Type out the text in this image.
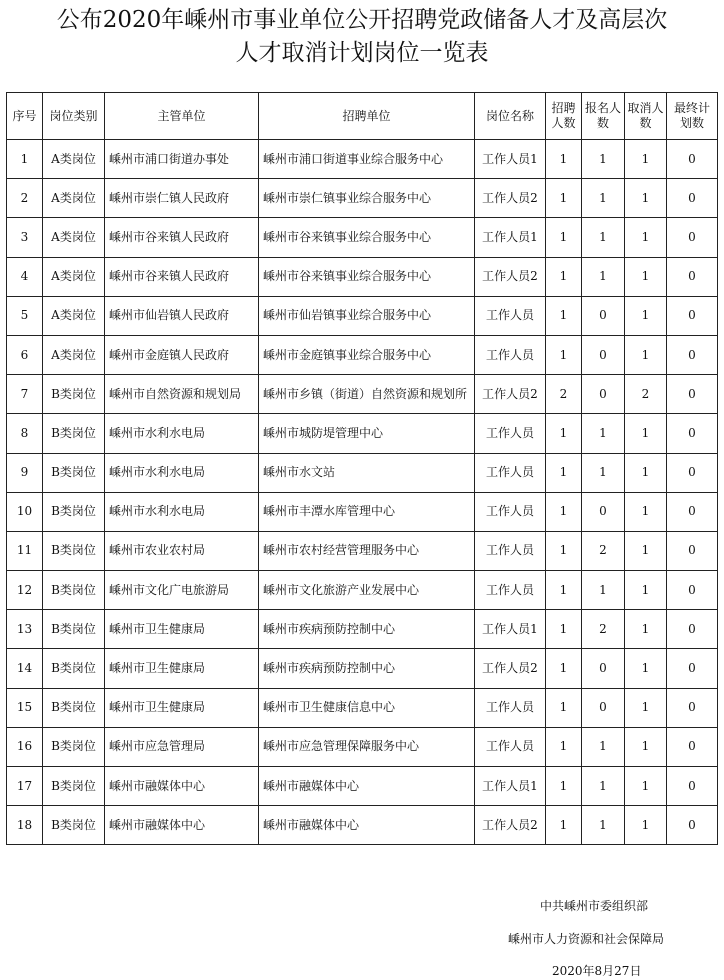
公布2020年嵊州市事业单位公开招聘党政储备人才及高层次
人才取消计划岗位一览表
序号	岗位类别	主管单位	招聘单位	岗位名称	招聘人数	报名人数	取消人数	最终计划数
1	A类岗位	嵊州市浦口街道办事处	嵊州市浦口街道事业综合服务中心	工作人员1	1	1	1	0
2	A类岗位	嵊州市崇仁镇人民政府	嵊州市崇仁镇事业综合服务中心	工作人员2	1	1	1	0
3	A类岗位	嵊州市谷来镇人民政府	嵊州市谷来镇事业综合服务中心	工作人员1	1	1	1	0
4	A类岗位	嵊州市谷来镇人民政府	嵊州市谷来镇事业综合服务中心	工作人员2	1	1	1	0
5	A类岗位	嵊州市仙岩镇人民政府	嵊州市仙岩镇事业综合服务中心	工作人员	1	0	1	0
6	A类岗位	嵊州市金庭镇人民政府	嵊州市金庭镇事业综合服务中心	工作人员	1	0	1	0
7	B类岗位	嵊州市自然资源和规划局	嵊州市乡镇（街道）自然资源和规划所	工作人员2	2	0	2	0
8	B类岗位	嵊州市水利水电局	嵊州市城防堤管理中心	工作人员	1	1	1	0
9	B类岗位	嵊州市水利水电局	嵊州市水文站	工作人员	1	1	1	0
10	B类岗位	嵊州市水利水电局	嵊州市丰潭水库管理中心	工作人员	1	0	1	0
11	B类岗位	嵊州市农业农村局	嵊州市农村经营管理服务中心	工作人员	1	2	1	0
12	B类岗位	嵊州市文化广电旅游局	嵊州市文化旅游产业发展中心	工作人员	1	1	1	0
13	B类岗位	嵊州市卫生健康局	嵊州市疾病预防控制中心	工作人员1	1	2	1	0
14	B类岗位	嵊州市卫生健康局	嵊州市疾病预防控制中心	工作人员2	1	0	1	0
15	B类岗位	嵊州市卫生健康局	嵊州市卫生健康信息中心	工作人员	1	0	1	0
16	B类岗位	嵊州市应急管理局	嵊州市应急管理保障服务中心	工作人员	1	1	1	0
17	B类岗位	嵊州市融媒体中心	嵊州市融媒体中心	工作人员1	1	1	1	0
18	B类岗位	嵊州市融媒体中心	嵊州市融媒体中心	工作人员2	1	1	1	0
中共嵊州市委组织部
嵊州市人力资源和社会保障局
2020年8月27日
